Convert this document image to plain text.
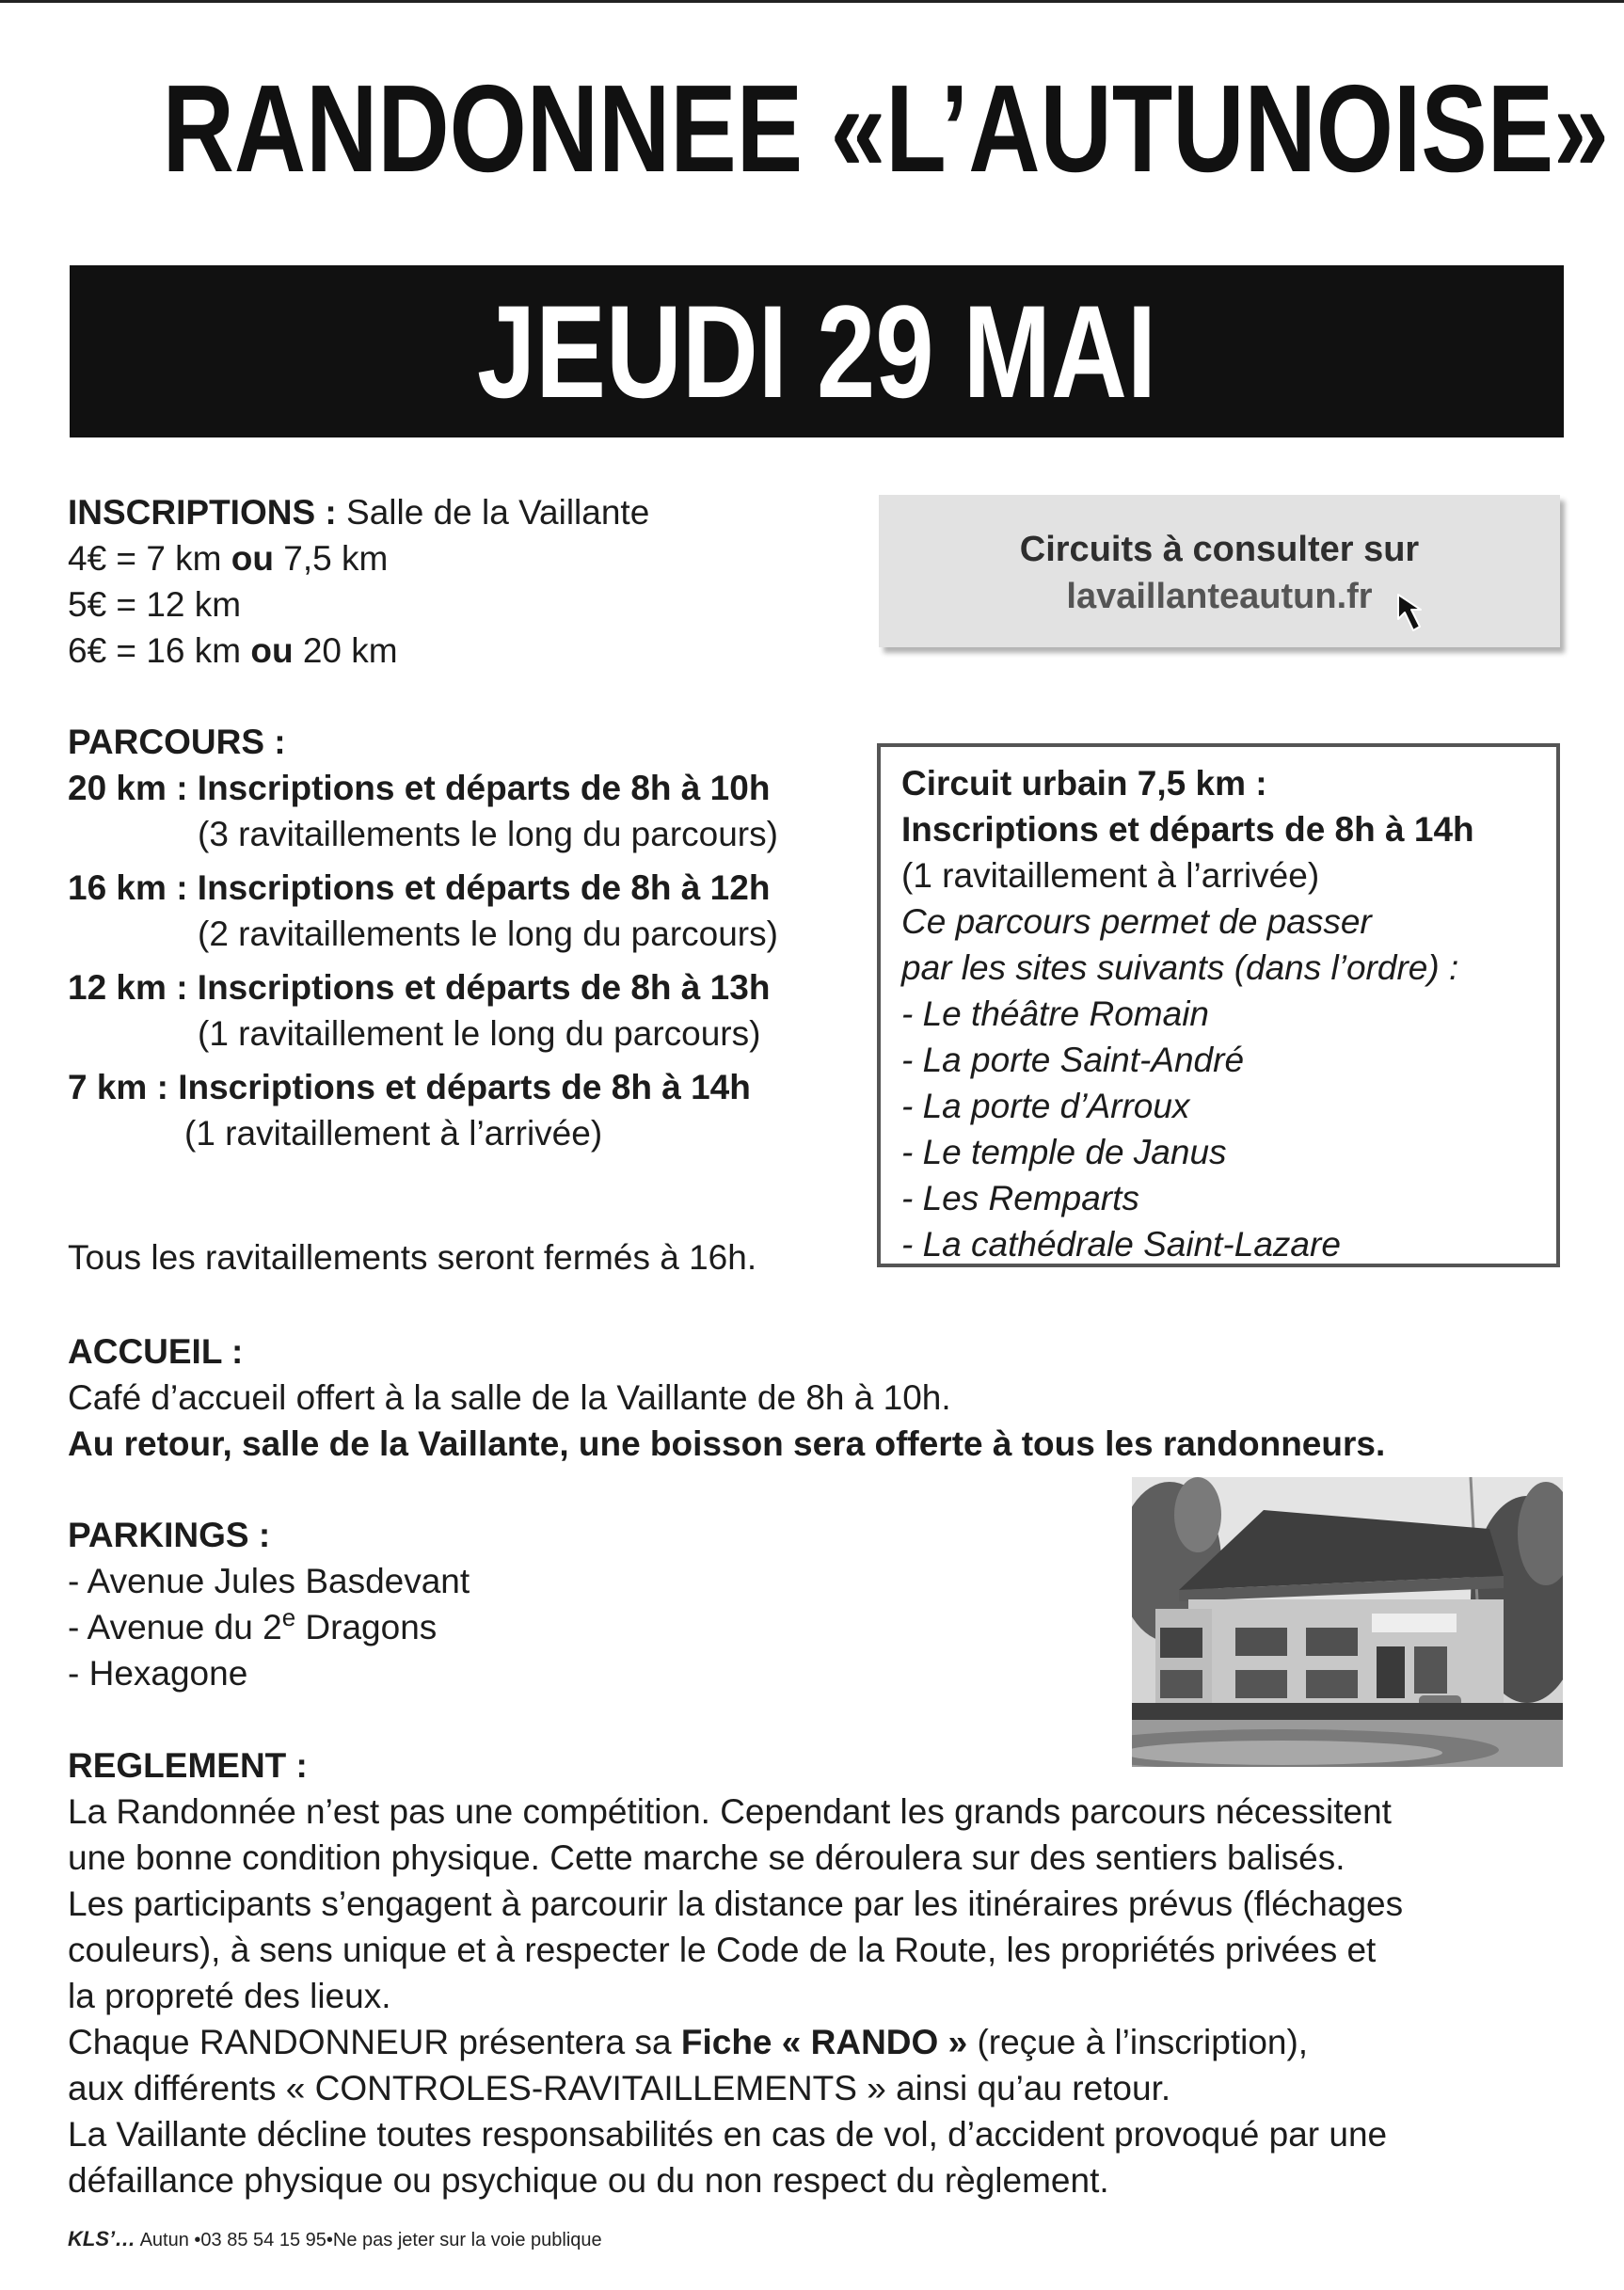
RANDONNEE «L’AUTUNOISE»
JEUDI 29 MAI
INSCRIPTIONS : Salle de la Vaillante
4€ = 7 km ou 7,5 km
5€ = 12 km
6€ = 16 km ou 20 km
Circuits à consulter sur
lavaillanteautun.fr
PARCOURS :
20 km : Inscriptions et départs de 8h à 10h
(3 ravitaillements le long du parcours)
16 km : Inscriptions et départs de 8h à 12h
(2 ravitaillements le long du parcours)
12 km : Inscriptions et départs de 8h à 13h
(1 ravitaillement le long du parcours)
7 km : Inscriptions et départs de 8h à 14h
(1 ravitaillement à l’arrivée)
Tous les ravitaillements seront fermés à 16h.
Circuit urbain 7,5 km :
Inscriptions et départs de 8h à 14h
(1 ravitaillement à l’arrivée)
Ce parcours permet de passer
par les sites suivants (dans l’ordre) :
- Le théâtre Romain
- La porte Saint-André
- La porte d’Arroux
- Le temple de Janus
- Les Remparts
- La cathédrale Saint-Lazare
ACCUEIL :
Café d’accueil offert à la salle de la Vaillante de 8h à 10h.
Au retour, salle de la Vaillante, une boisson sera offerte à tous les randonneurs.
PARKINGS :
- Avenue Jules Basdevant
- Avenue du 2e Dragons
- Hexagone
REGLEMENT :
La Randonnée n’est pas une compétition. Cependant les grands parcours nécessitent
une bonne condition physique. Cette marche se déroulera sur des sentiers balisés.
Les participants s’engagent à parcourir la distance par les itinéraires prévus (fléchages
couleurs), à sens unique et à respecter le Code de la Route, les propriétés privées et
la propreté des lieux.
Chaque RANDONNEUR présentera sa Fiche « RANDO » (reçue à l’inscription),
aux différents « CONTROLES-RAVITAILLEMENTS » ainsi qu’au retour.
La Vaillante décline toutes responsabilités en cas de vol, d’accident provoqué par une
défaillance physique ou psychique ou du non respect du règlement.
KLS’… Autun •03 85 54 15 95•Ne pas jeter sur la voie publique
